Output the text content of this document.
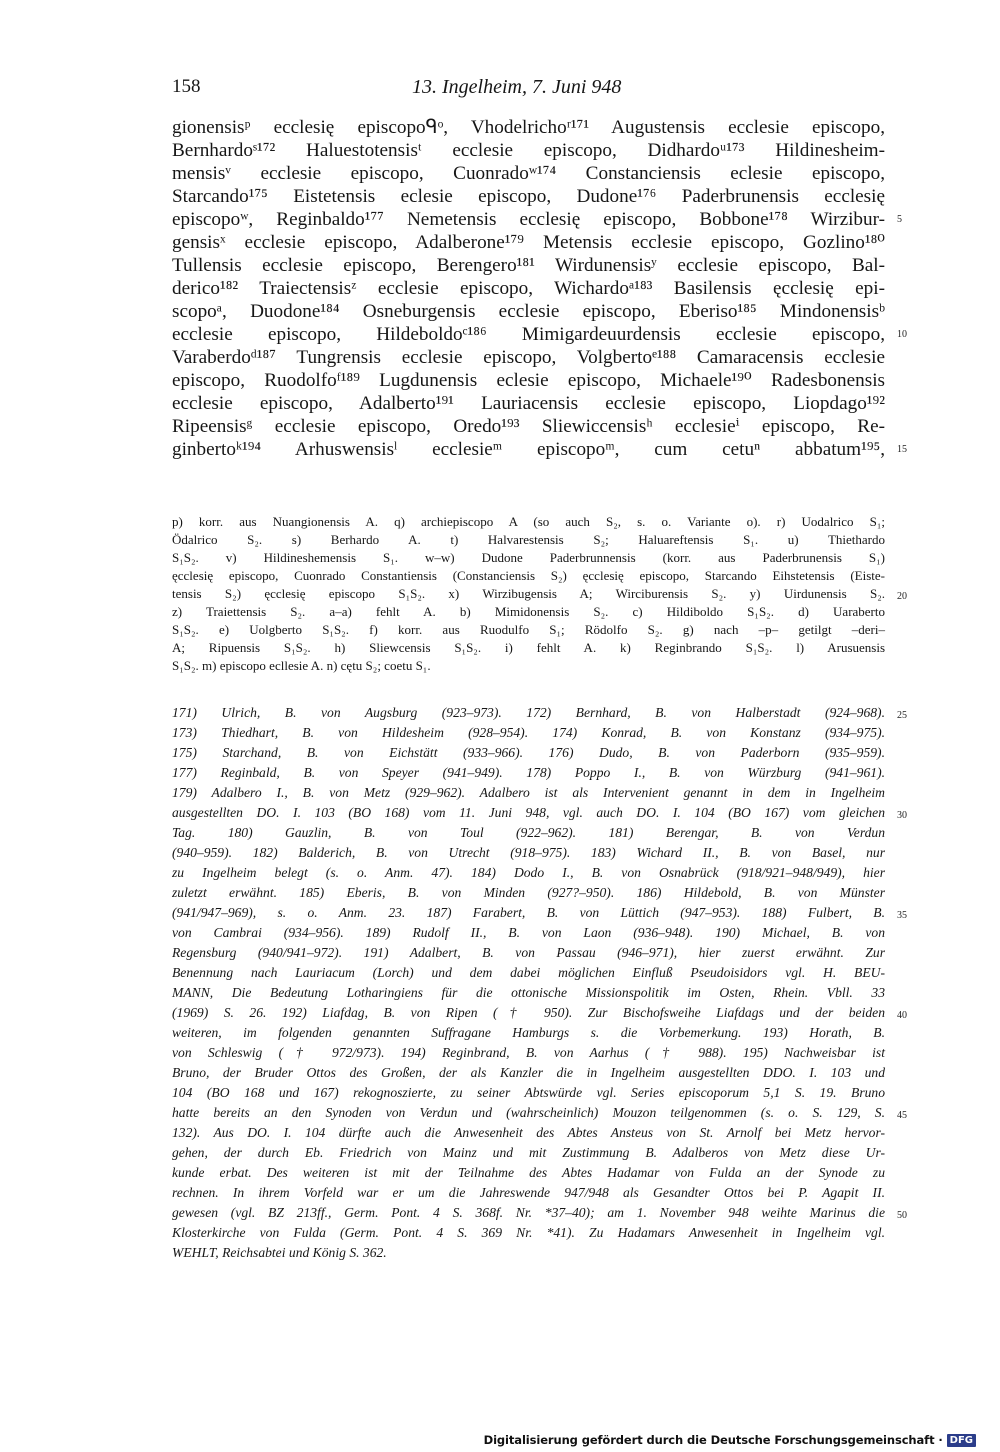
158	13. Ingelheim, 7. Juni 948
gionensisᵖ ecclesię episcopoᑫᵒ, Vhodelrichoʳ¹⁷¹ Augustensis ecclesie episcopo,
Bernhardoˢ¹⁷² Haluestotensisᵗ ecclesie episcopo, Didhardoᵘ¹⁷³ Hildinesheim-
mensisᵛ ecclesie episcopo, Cuonradoʷ¹⁷⁴ Constanciensis eclesie episcopo,
Starcando¹⁷⁵ Eistetensis eclesie episcopo, Dudone¹⁷⁶ Paderbrunensis ecclesię
episcopoʷ, Reginbaldo¹⁷⁷ Nemetensis ecclesię episcopo, Bobbone¹⁷⁸ Wirzibur-
gensisˣ ecclesie episcopo, Adalberone¹⁷⁹ Metensis ecclesie episcopo, Gozlino¹⁸⁰
Tullensis ecclesie episcopo, Berengero¹⁸¹ Wirdunensisʸ ecclesie episcopo, Bal-
derico¹⁸² Traiectensisᶻ ecclesie episcopo, Wichardoᵃ¹⁸³ Basilensis ęcclesię epi-
scopoᵃ, Duodone¹⁸⁴ Osneburgensis ecclesie episcopo, Eberiso¹⁸⁵ Mindonensisᵇ
ecclesie episcopo, Hildeboldoᶜ¹⁸⁶ Mimigardeuurdensis ecclesie episcopo,
Varaberdoᵈ¹⁸⁷ Tungrensis ecclesie episcopo, Volgbertoᵉ¹⁸⁸ Camaracensis ecclesie
episcopo, Ruodolfoᶠ¹⁸⁹ Lugdunensis eclesie episcopo, Michaele¹⁹⁰ Radesbonensis
ecclesie episcopo, Adalberto¹⁹¹ Lauriacensis ecclesie episcopo, Liopdago¹⁹²
Ripeensisᵍ ecclesie episcopo, Oredo¹⁹³ Sliewiccensisʰ ecclesieⁱ episcopo, Re-
ginbertoᵏ¹⁹⁴ Arhuswensisˡ ecclesieᵐ episcopoᵐ, cum cetuⁿ abbatum¹⁹⁵,
p) korr. aus Nuangionensis A. q) archiepiscopo A (so auch S₂, s. o. Variante o). r) Uodalrico S₁;
Ödalrico S₂. s) Berhardo A. t) Halvarestensis S₂; Haluareftensis S₁. u) Thiethardo
S₁S₂. v) Hildineshemensis S₁. w–w) Dudone Paderbrunnensis (korr. aus Paderbrunensis S₁)
ęcclesię episcopo, Cuonrado Constantiensis (Constanciensis S₂) ęcclesię episcopo, Starcando Eihstetensis (Eiste-
tensis S₂) ęcclesię episcopo S₁S₂. x) Wirzibugensis A; Wirciburensis S₂. y) Uirdunensis S₂.
z) Traiettensis S₂. a–a) fehlt A. b) Mimidonensis S₂. c) Hildiboldo S₁S₂. d) Uaraberto
S₁S₂. e) Uolgberto S₁S₂. f) korr. aus Ruodulfo S₁; Rödolfo S₂. g) nach –p– getilgt –deri–
A; Ripuensis S₁S₂. h) Sliewcensis S₁S₂. i) fehlt A. k) Reginbrando S₁S₂. l) Arusuensis
S₁S₂. m) episcopo ecllesie A. n) cętu S₂; coetu S₁.
171) Ulrich, B. von Augsburg (923–973). 172) Bernhard, B. von Halberstadt (924–968).
173) Thiedhart, B. von Hildesheim (928–954). 174) Konrad, B. von Konstanz (934–975).
175) Starchand, B. von Eichstätt (933–966). 176) Dudo, B. von Paderborn (935–959).
177) Reginbald, B. von Speyer (941–949). 178) Poppo I., B. von Würzburg (941–961).
179) Adalbero I., B. von Metz (929–962). Adalbero ist als Intervenient genannt in dem in Ingelheim
ausgestellten DO. I. 103 (BO 168) vom 11. Juni 948, vgl. auch DO. I. 104 (BO 167) vom gleichen
Tag. 180) Gauzlin, B. von Toul (922–962). 181) Berengar, B. von Verdun
(940–959). 182) Balderich, B. von Utrecht (918–975). 183) Wichard II., B. von Basel, nur
zu Ingelheim belegt (s. o. Anm. 47). 184) Dodo I., B. von Osnabrück (918/921–948/949), hier
zuletzt erwähnt. 185) Eberis, B. von Minden (927?–950). 186) Hildebold, B. von Münster
(941/947–969), s. o. Anm. 23. 187) Farabert, B. von Lüttich (947–953). 188) Fulbert, B.
von Cambrai (934–956). 189) Rudolf II., B. von Laon (936–948). 190) Michael, B. von
Regensburg (940/941–972). 191) Adalbert, B. von Passau (946–971), hier zuerst erwähnt. Zur
Benennung nach Lauriacum (Lorch) und dem dabei möglichen Einfluß Pseudoisidors vgl. H. BEU-
MANN, Die Bedeutung Lotharingiens für die ottonische Missionspolitik im Osten, Rhein. Vbll. 33
(1969) S. 26. 192) Liafdag, B. von Ripen († 950). Zur Bischofsweihe Liafdags und der beiden
weiteren, im folgenden genannten Suffragane Hamburgs s. die Vorbemerkung. 193) Horath, B.
von Schleswig († 972/973). 194) Reginbrand, B. von Aarhus († 988). 195) Nachweisbar ist
Bruno, der Bruder Ottos des Großen, der als Kanzler die in Ingelheim ausgestellten DDO. I. 103 und
104 (BO 168 und 167) rekognoszierte, zu seiner Abtswürde vgl. Series episcoporum 5,1 S. 19. Bruno
hatte bereits an den Synoden von Verdun und (wahrscheinlich) Mouzon teilgenommen (s. o. S. 129, S.
132). Aus DO. I. 104 dürfte auch die Anwesenheit des Abtes Ansteus von St. Arnolf bei Metz hervor-
gehen, der durch Eb. Friedrich von Mainz und mit Zustimmung B. Adalberos von Metz diese Ur-
kunde erbat. Des weiteren ist mit der Teilnahme des Abtes Hadamar von Fulda an der Synode zu
rechnen. In ihrem Vorfeld war er um die Jahreswende 947/948 als Gesandter Ottos bei P. Agapit II.
gewesen (vgl. BZ 213ff., Germ. Pont. 4 S. 368f. Nr. *37–40); am 1. November 948 weihte Marinus die
Klosterkirche von Fulda (Germ. Pont. 4 S. 369 Nr. *41). Zu Hadamars Anwesenheit in Ingelheim vgl.
WEHLT, Reichsabtei und König S. 362.
5
10
15
20
25
30
35
40
45
50
Digitalisierung gefördert durch die Deutsche Forschungsgemeinschaft · DFG
